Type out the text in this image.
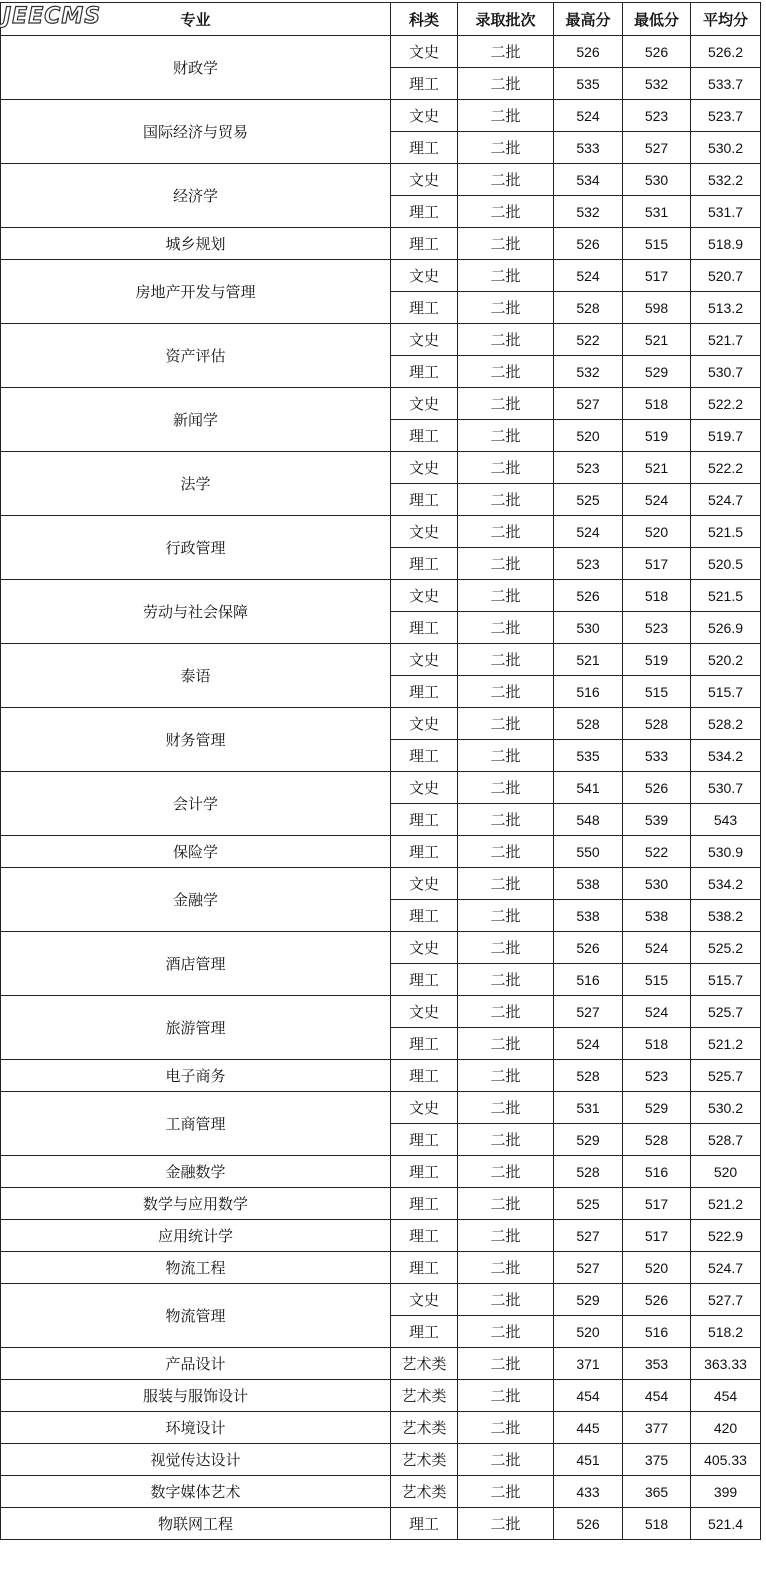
专业	科类	录取批次	最高分	最低分	平均分
财政学	文史	二批	526	526	526.2
	理工	二批	535	532	533.7
国际经济与贸易	文史	二批	524	523	523.7
	理工	二批	533	527	530.2
经济学	文史	二批	534	530	532.2
	理工	二批	532	531	531.7
城乡规划	理工	二批	526	515	518.9
房地产开发与管理	文史	二批	524	517	520.7
	理工	二批	528	598	513.2
资产评估	文史	二批	522	521	521.7
	理工	二批	532	529	530.7
新闻学	文史	二批	527	518	522.2
	理工	二批	520	519	519.7
法学	文史	二批	523	521	522.2
	理工	二批	525	524	524.7
行政管理	文史	二批	524	520	521.5
	理工	二批	523	517	520.5
劳动与社会保障	文史	二批	526	518	521.5
	理工	二批	530	523	526.9
泰语	文史	二批	521	519	520.2
	理工	二批	516	515	515.7
财务管理	文史	二批	528	528	528.2
	理工	二批	535	533	534.2
会计学	文史	二批	541	526	530.7
	理工	二批	548	539	543
保险学	理工	二批	550	522	530.9
金融学	文史	二批	538	530	534.2
	理工	二批	538	538	538.2
酒店管理	文史	二批	526	524	525.2
	理工	二批	516	515	515.7
旅游管理	文史	二批	527	524	525.7
	理工	二批	524	518	521.2
电子商务	理工	二批	528	523	525.7
工商管理	文史	二批	531	529	530.2
	理工	二批	529	528	528.7
金融数学	理工	二批	528	516	520
数学与应用数学	理工	二批	525	517	521.2
应用统计学	理工	二批	527	517	522.9
物流工程	理工	二批	527	520	524.7
物流管理	文史	二批	529	526	527.7
	理工	二批	520	516	518.2
产品设计	艺术类	二批	371	353	363.33
服装与服饰设计	艺术类	二批	454	454	454
环境设计	艺术类	二批	445	377	420
视觉传达设计	艺术类	二批	451	375	405.33
数字媒体艺术	艺术类	二批	433	365	399
物联网工程	理工	二批	526	518	521.4
JEECMS
